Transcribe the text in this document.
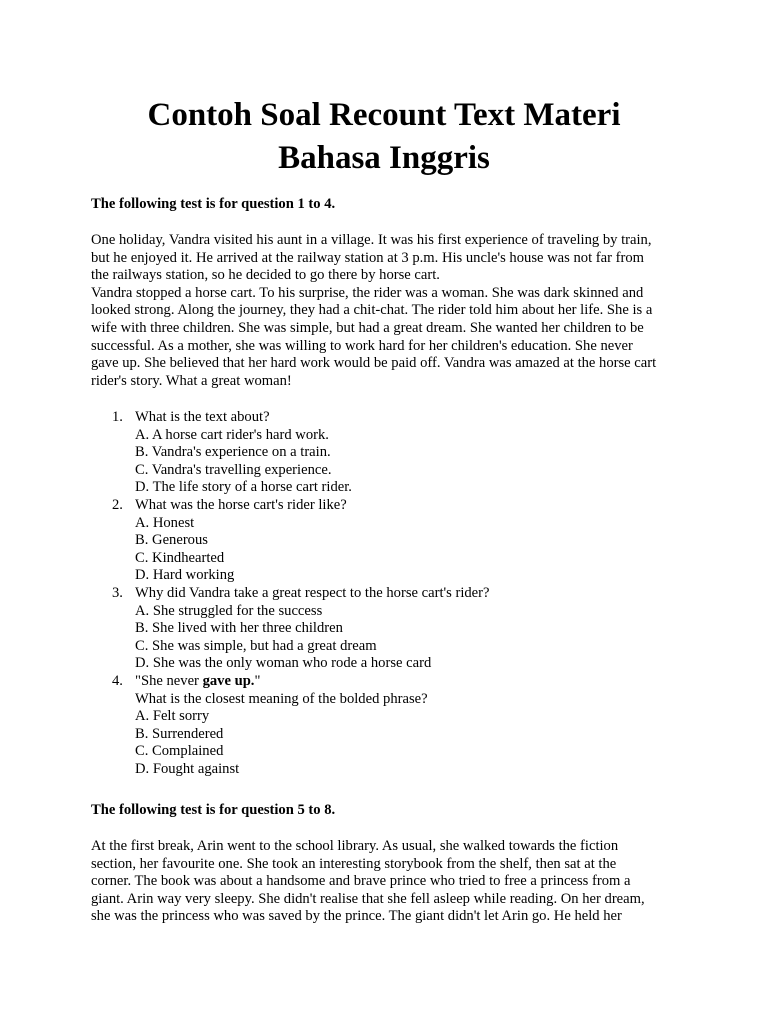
Contoh Soal Recount Text Materi
Bahasa Inggris

The following test is for question 1 to 4.

One holiday, Vandra visited his aunt in a village. It was his first experience of traveling by train,
but he enjoyed it. He arrived at the railway station at 3 p.m. His uncle's house was not far from
the railways station, so he decided to go there by horse cart.
Vandra stopped a horse cart. To his surprise, the rider was a woman. She was dark skinned and
looked strong. Along the journey, they had a chit-chat. The rider told him about her life. She is a
wife with three children. She was simple, but had a great dream. She wanted her children to be
successful. As a mother, she was willing to work hard for her children's education. She never
gave up. She believed that her hard work would be paid off. Vandra was amazed at the horse cart
rider's story. What a great woman!
1. What is the text about?
A. A horse cart rider's hard work.
B. Vandra's experience on a train.
C. Vandra's travelling experience.
D. The life story of a horse cart rider.
2. What was the horse cart's rider like?
A. Honest
B. Generous
C. Kindhearted
D. Hard working
3. Why did Vandra take a great respect to the horse cart's rider?
A. She struggled for the success
B. She lived with her three children
C. She was simple, but had a great dream
D. She was the only woman who rode a horse card
4. "She never gave up."
What is the closest meaning of the bolded phrase?
A. Felt sorry
B. Surrendered
C. Complained
D. Fought against

The following test is for question 5 to 8.

At the first break, Arin went to the school library. As usual, she walked towards the fiction
section, her favourite one. She took an interesting storybook from the shelf, then sat at the
corner. The book was about a handsome and brave prince who tried to free a princess from a
giant. Arin way very sleepy. She didn't realise that she fell asleep while reading. On her dream,
she was the princess who was saved by the prince. The giant didn't let Arin go. He held her
